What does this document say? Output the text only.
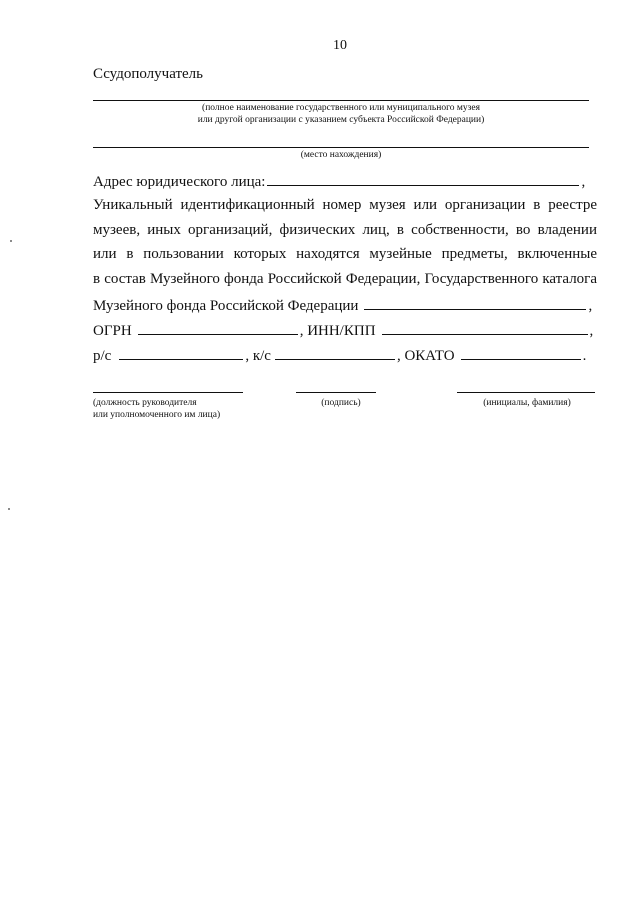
10
Ссудополучатель
(полное наименование государственного или муниципального музея
или другой организации с указанием субъекта Российской Федерации)
(место нахождения)
Адрес юридического лица:	,
Уникальный идентификационный номер музея или организации в реестре
музеев, иных организаций, физических лиц, в собственности, во владении
или в пользовании которых находятся музейные предметы, включенные
в состав Музейного фонда Российской Федерации, Государственного каталога
Музейного фонда Российской Федерации	,
ОГРН	, ИНН/КПП	,
р/с	, к/с	, ОКАТО	.
(должность руководителя
или уполномоченного им лица)
(подпись)	(инициалы, фамилия)
